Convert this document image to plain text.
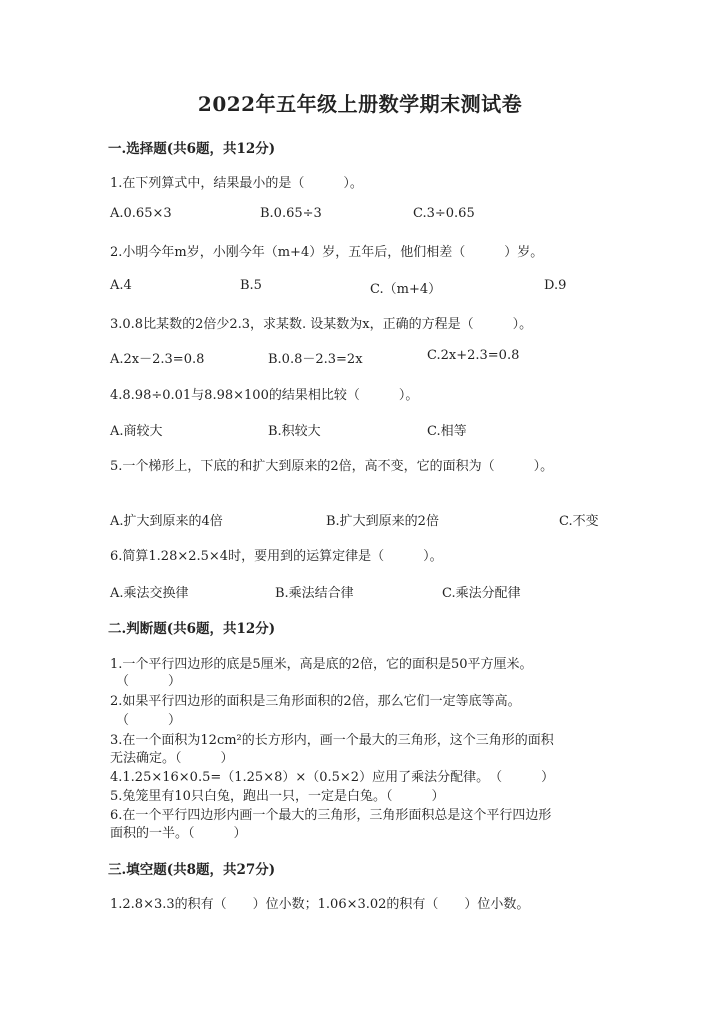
2022年五年级上册数学期末测试卷
一.选择题(共6题，共12分)
1.在下列算式中，结果最小的是（　　　）。
A.0.65×3	B.0.65÷3	C.3÷0.65
2.小明今年m岁，小刚今年（m+4）岁，五年后，他们相差（　　　）岁。
A.4	B.5	C.（m+4）	D.9
3.0.8比某数的2倍少2.3，求某数. 设某数为x，正确的方程是（　　　）。
A.2x－2.3=0.8	B.0.8－2.3=2x	C.2x+2.3=0.8
4.8.98÷0.01与8.98×100的结果相比较（　　　）。
A.商较大	B.积较大	C.相等
5.一个梯形上，下底的和扩大到原来的2倍，高不变，它的面积为（　　　）。
A.扩大到原来的4倍	B.扩大到原来的2倍	C.不变
6.简算1.28×2.5×4时，要用到的运算定律是（　　　）。
A.乘法交换律	B.乘法结合律	C.乘法分配律
二.判断题(共6题，共12分)
1.一个平行四边形的底是5厘米，高是底的2倍，它的面积是50平方厘米。
（　　　）
2.如果平行四边形的面积是三角形面积的2倍，那么它们一定等底等高。
（　　　）
3.在一个面积为12cm²的长方形内，画一个最大的三角形，这个三角形的面积
无法确定。（　　　）
4.1.25×16×0.5=（1.25×8）×（0.5×2）应用了乘法分配律。　（　　　）
5.兔笼里有10只白兔，跑出一只，一定是白兔。（　　　）
6.在一个平行四边形内画一个最大的三角形，三角形面积总是这个平行四边形
面积的一半。（　　　）
三.填空题(共8题，共27分)
1.2.8×3.3的积有（　　）位小数；1.06×3.02的积有（　　）位小数。
